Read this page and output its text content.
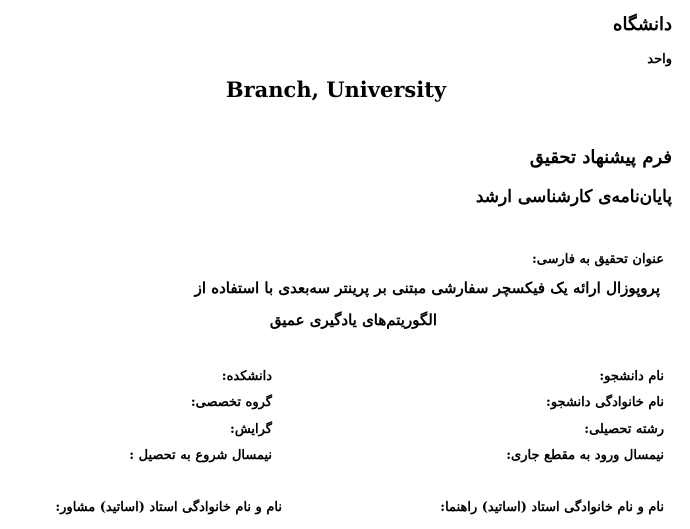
دانشگاه
واحد
Branch, University
فرم پیشنهاد تحقیق
پایان‌نامه‌ی کارشناسی ارشد
عنوان تحقیق به فارسی:
پروپوزال ارائه یک فیکسچر سفارشی مبتنی بر پرینتر سه‌بعدی با استفاده از
الگوریتم‌های یادگیری عمیق
نام دانشجو:
نام خانوادگی دانشجو:
رشته تحصیلی:
نیمسال ورود به مقطع جاری:
دانشکده:
گروه تخصصی:
گرایش:
نیمسال شروع به تحصیل :
نام و نام خانوادگی استاد (اساتید) راهنما:
نام و نام خانوادگی استاد (اساتید) مشاور:
